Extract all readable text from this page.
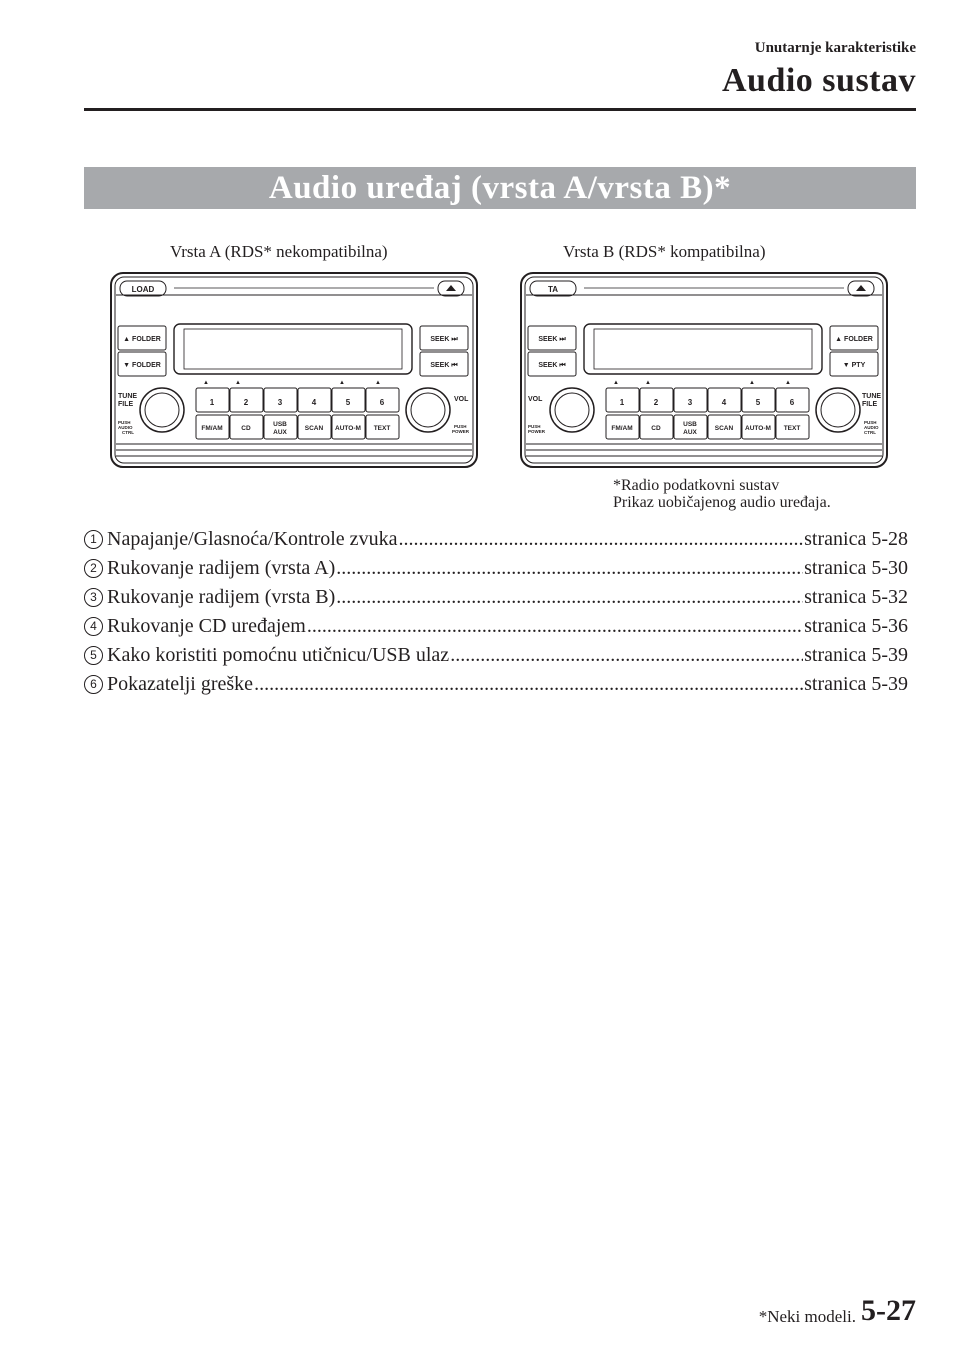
Unutarnje karakteristike
Audio sustav
Audio uređaj (vrsta A/vrsta B)*
Vrsta A (RDS* nekompatibilna)	Vrsta B (RDS* kompatibilna)
LOAD
▲ FOLDER
▼ FOLDER
SEEK ⏭
SEEK ⏮
▲	▲	▲	▲
1	2	3	4	5	6
FM/AM	CD
USB
AUX
SCAN AUTO-M TEXT
TUNE
FILE
PUSH
AUDIO
CTRL
VOL
PUSH
POWER
TA
SEEK ⏭
SEEK ⏮
▲ FOLDER
▼ PTY
▲	▲	▲	▲
1	2	3	4	5	6
FM/AM	CD
USB
AUX
SCAN AUTO-M TEXT
VOL
PUSH
POWER
TUNE
FILE
PUSH
AUDIO
CTRL
*Radio podatkovni sustav
Prikaz uobičajenog audio uređaja.
1 Napajanje/Glasnoća/Kontrole zvuka .....	stranica 5-28
2 Rukovanje radijem (vrsta A) .....	stranica 5-30
3 Rukovanje radijem (vrsta B) .....	stranica 5-32
4 Rukovanje CD uređajem .....	stranica 5-36
5 Kako koristiti pomoćnu utičnicu/USB ulaz .....	stranica 5-39
6 Pokazatelji greške .....	stranica 5-39
*Neki modeli. 5-27
